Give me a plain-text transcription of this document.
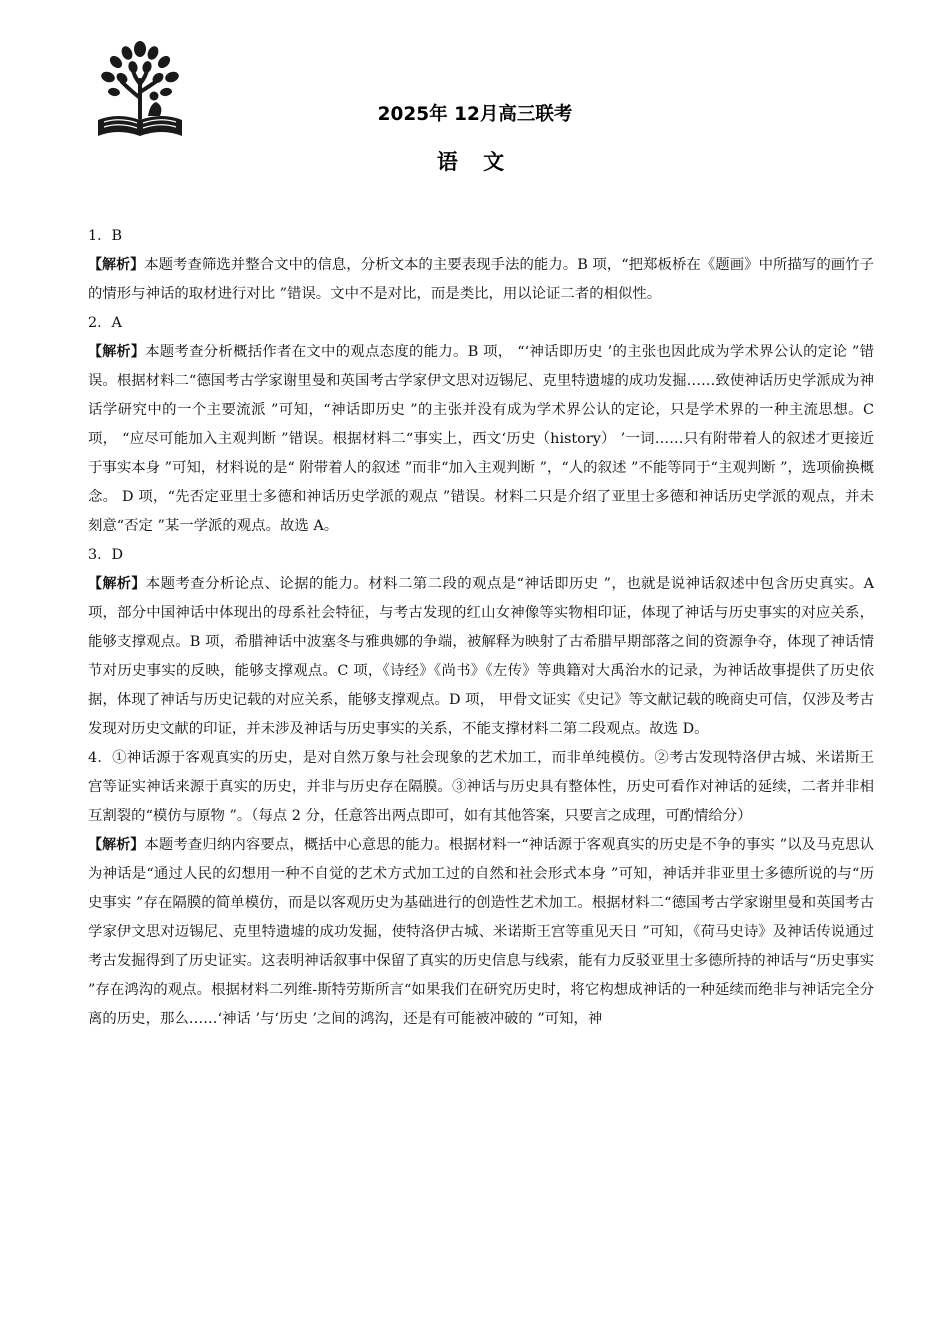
2025年 12月高三联考
语 文

1．B

【解析】本题考查筛选并整合文中的信息，分析文本的主要表现手法的能力。B 项，“把郑板桥在《题画》中所描写的画竹子的情形与神话的取材进行对比 ”错误。文中不是对比，而是类比，用以论证二者的相似性。

2．A

【解析】本题考查分析概括作者在文中的观点态度的能力。B 项， “‘神话即历史 ’的主张也因此成为学术界公认的定论 ”错误。根据材料二“德国考古学家谢里曼和英国考古学家伊文思对迈锡尼、克里特遗墟的成功发掘……致使神话历史学派成为神话学研究中的一个主要流派 ”可知，“神话即历史 ”的主张并没有成为学术界公认的定论，只是学术界的一种主流思想。C 项， “应尽可能加入主观判断 ”错误。根据材料二“事实上，西文‘历史（history） ’一词……只有附带着人的叙述才更接近于事实本身 ”可知，材料说的是“ 附带着人的叙述 ”而非“加入主观判断 ”，“人的叙述 ”不能等同于“主观判断 ”，选项偷换概念。 D 项，“先否定亚里士多德和神话历史学派的观点 ”错误。材料二只是介绍了亚里士多德和神话历史学派的观点，并未刻意“否定 ”某一学派的观点。故选 A。

3．D

【解析】本题考查分析论点、论据的能力。材料二第二段的观点是“神话即历史 ”，也就是说神话叙述中包含历史真实。A 项，部分中国神话中体现出的母系社会特征，与考古发现的红山女神像等实物相印证，体现了神话与历史事实的对应关系，能够支撑观点。B 项，希腊神话中波塞冬与雅典娜的争端，被解释为映射了古希腊早期部落之间的资源争夺，体现了神话情节对历史事实的反映，能够支撑观点。C 项，《诗经》《尚书》《左传》等典籍对大禹治水的记录，为神话故事提供了历史依据，体现了神话与历史记载的对应关系，能够支撑观点。D 项， 甲骨文证实《史记》等文献记载的晚商史可信，仅涉及考古发现对历史文献的印证，并未涉及神话与历史事实的关系，不能支撑材料二第二段观点。故选 D。

4．①神话源于客观真实的历史，是对自然万象与社会现象的艺术加工，而非单纯模仿。②考古发现特洛伊古城、米诺斯王宫等证实神话来源于真实的历史，并非与历史存在隔膜。③神话与历史具有整体性，历史可看作对神话的延续，二者并非相互割裂的“模仿与原物 ”。（每点 2 分，任意答出两点即可，如有其他答案，只要言之成理，可酌情给分）

【解析】本题考查归纳内容要点，概括中心意思的能力。根据材料一“神话源于客观真实的历史是不争的事实 ”以及马克思认为神话是“通过人民的幻想用一种不自觉的艺术方式加工过的自然和社会形式本身 ”可知，神话并非亚里士多德所说的与“历史事实 ”存在隔膜的简单模仿，而是以客观历史为基础进行的创造性艺术加工。根据材料二“德国考古学家谢里曼和英国考古学家伊文思对迈锡尼、克里特遗墟的成功发掘，使特洛伊古城、米诺斯王宫等重见天日 ”可知，《荷马史诗》及神话传说通过考古发掘得到了历史证实。这表明神话叙事中保留了真实的历史信息与线索，能有力反驳亚里士多德所持的神话与“历史事实 ”存在鸿沟的观点。根据材料二列维-斯特劳斯所言“如果我们在研究历史时，将它构想成神话的一种延续而绝非与神话完全分离的历史，那么……‘神话 ’与‘历史 ’之间的鸿沟，还是有可能被冲破的 ”可知，神
